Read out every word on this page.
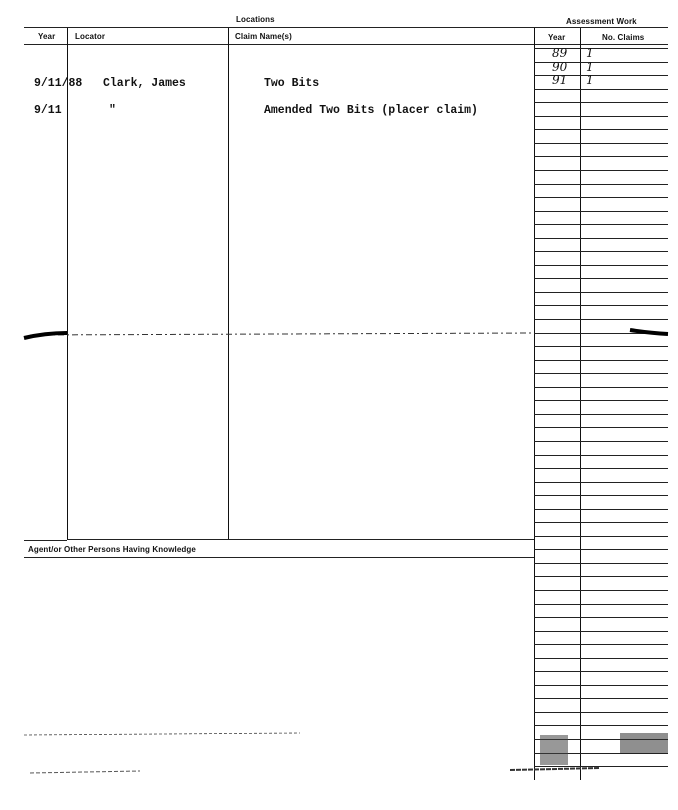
Locations	Assessment Work
Year Locator	Claim Name(s)	Year	No. Claims
9/11/88 Clark, James	Two Bits
9/11	"	Amended Two Bits (placer claim)
89 1
90 1
91 1
Agent/or Other Persons Having Knowledge
